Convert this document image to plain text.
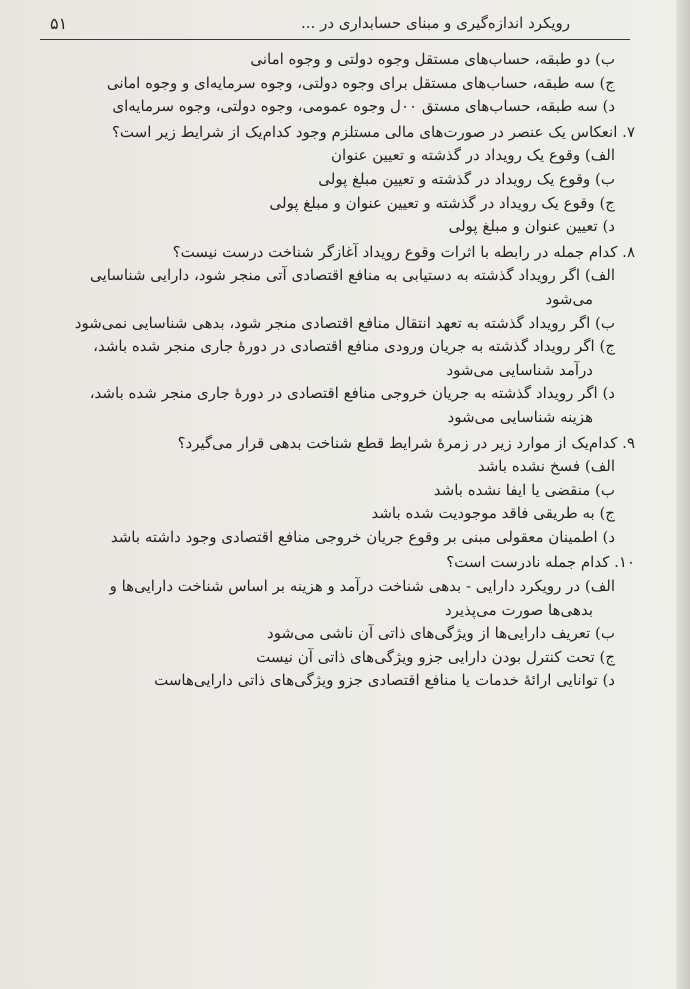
رویکرد اندازه‌گیری و مبنای حسابداری در ...
۵۱
ب) دو طبقه، حساب‌های مستقل وجوه دولتی و وجوه امانی
ج) سه طبقه، حساب‌های مستقل برای وجوه دولتی، وجوه سرمایه‌ای و وجوه امانی
د) سه طبقه، حساب‌های مستق ۰۰ل وجوه عمومی، وجوه دولتی، وجوه سرمایه‌ای
۷. انعکاس یک عنصر در صورت‌های مالی مستلزم وجود کدام‌یک از شرایط زیر است؟
الف) وقوع یک رویداد در گذشته و تعیین عنوان
ب) وقوع یک رویداد در گذشته و تعیین مبلغ پولی
ج) وقوع یک رویداد در گذشته و تعیین عنوان و مبلغ پولی
د) تعیین عنوان و مبلغ پولی
۸. کدام جمله در رابطه با اثرات وقوع رویداد آغازگر شناخت درست نیست؟
الف) اگر رویداد گذشته به دستیابی به منافع اقتصادی آتی منجر شود، دارایی شناسایی
می‌شود
ب) اگر رویداد گذشته به تعهد انتقال منافع اقتصادی منجر شود، بدهی شناسایی نمی‌شود
ج) اگر رویداد گذشته به جریان ورودی منافع اقتصادی در دورهٔ جاری منجر شده باشد،
درآمد شناسایی می‌شود
د) اگر رویداد گذشته به جریان خروجی منافع اقتصادی در دورهٔ جاری منجر شده باشد،
هزینه شناسایی می‌شود
۹. کدام‌یک از موارد زیر در زمرهٔ شرایط قطع شناخت بدهی قرار می‌گیرد؟
الف) فسخ نشده باشد
ب) منقضی یا ایفا نشده باشد
ج) به طریقی فاقد موجودیت شده باشد
د) اطمینان معقولی مبنی بر وقوع جریان خروجی منافع اقتصادی وجود داشته باشد
۱۰. کدام جمله نادرست است؟
الف) در رویکرد دارایی - بدهی شناخت درآمد و هزینه بر اساس شناخت دارایی‌ها و
بدهی‌ها صورت می‌پذیرد
ب) تعریف دارایی‌ها از ویژگی‌های ذاتی آن ناشی می‌شود
ج) تحت کنترل بودن دارایی جزو ویژگی‌های ذاتی آن نیست
د) توانایی ارائهٔ خدمات یا منافع اقتصادی جزو ویژگی‌های ذاتی دارایی‌هاست
